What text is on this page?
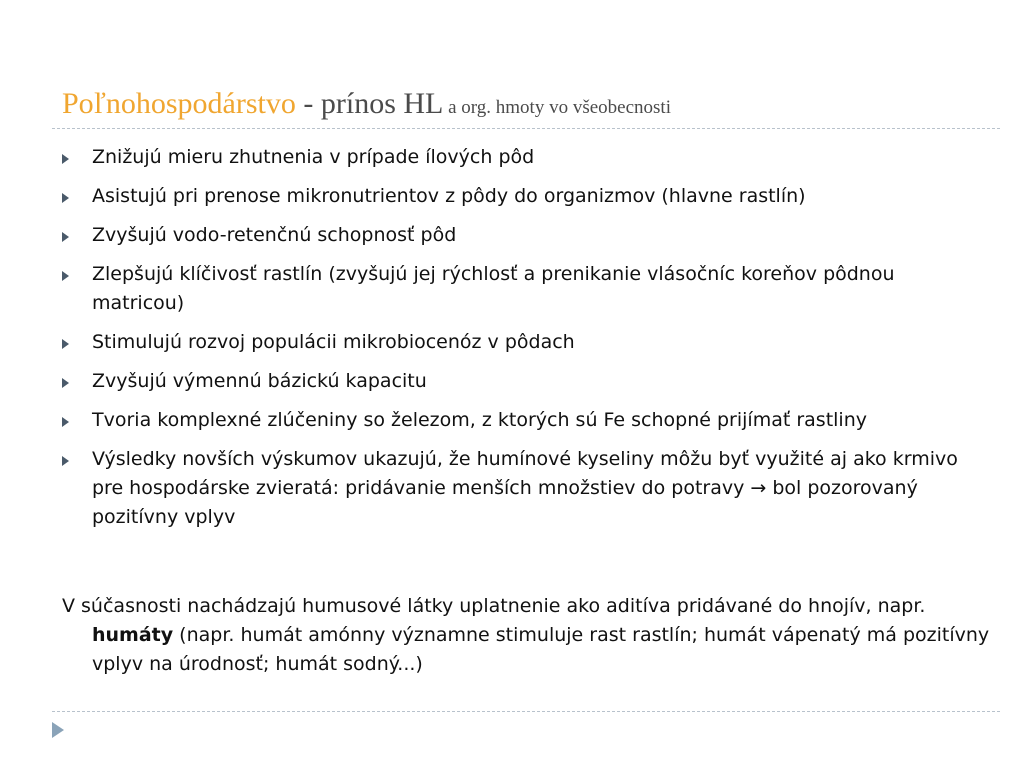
Poľnohospodárstvo - prínos HL a org. hmoty vo všeobecnosti
Znižujú mieru zhutnenia v prípade ílových pôd
Asistujú pri prenose mikronutrientov z pôdy do organizmov (hlavne rastlín)
Zvyšujú vodo-retenčnú schopnosť pôd
Zlepšujú klíčivosť rastlín (zvyšujú jej rýchlosť a prenikanie vlásočníc koreňov pôdnou matricou)
Stimulujú rozvoj populácii mikrobiocenóz v pôdach
Zvyšujú výmennú bázickú kapacitu
Tvoria komplexné zlúčeniny so železom, z ktorých sú Fe schopné prijímať rastliny
Výsledky novších výskumov ukazujú, že humínové kyseliny môžu byť využité aj ako krmivo pre hospodárske zvieratá: pridávanie menších množstiev do potravy → bol pozorovaný pozitívny vplyv
V súčasnosti nachádzajú humusové látky uplatnenie ako aditíva pridávané do hnojív, napr. humáty (napr. humát amónny významne stimuluje rast rastlín; humát vápenatý má pozitívny vplyv na úrodnosť; humát sodný...)
